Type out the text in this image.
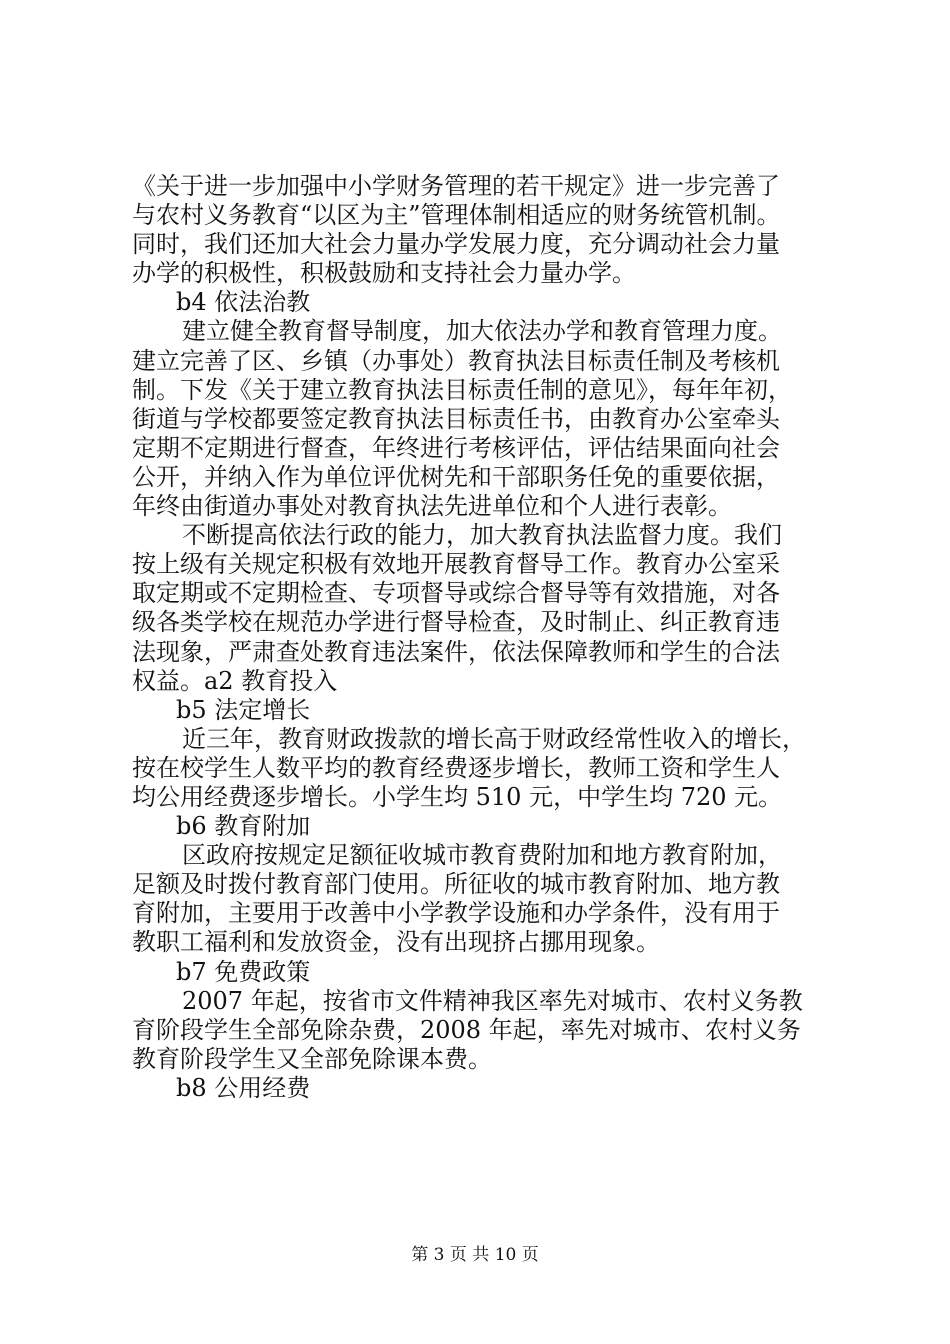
《关于进一步加强中小学财务管理的若干规定》进一步完善了
与农村义务教育“以区为主”管理体制相适应的财务统管机制。
同时，我们还加大社会力量办学发展力度，充分调动社会力量
办学的积极性，积极鼓励和支持社会力量办学。
b4 依法治教
建立健全教育督导制度，加大依法办学和教育管理力度。
建立完善了区、乡镇（办事处）教育执法目标责任制及考核机
制。下发《关于建立教育执法目标责任制的意见》，每年年初，
街道与学校都要签定教育执法目标责任书，由教育办公室牵头
定期不定期进行督查，年终进行考核评估，评估结果面向社会
公开，并纳入作为单位评优树先和干部职务任免的重要依据，
年终由街道办事处对教育执法先进单位和个人进行表彰。
不断提高依法行政的能力，加大教育执法监督力度。我们
按上级有关规定积极有效地开展教育督导工作。教育办公室采
取定期或不定期检查、专项督导或综合督导等有效措施，对各
级各类学校在规范办学进行督导检查，及时制止、纠正教育违
法现象，严肃查处教育违法案件，依法保障教师和学生的合法
权益。a2 教育投入
b5 法定增长
近三年，教育财政拨款的增长高于财政经常性收入的增长，
按在校学生人数平均的教育经费逐步增长，教师工资和学生人
均公用经费逐步增长。小学生均 510 元，中学生均 720 元。
b6 教育附加
区政府按规定足额征收城市教育费附加和地方教育附加，
足额及时拨付教育部门使用。所征收的城市教育附加、地方教
育附加，主要用于改善中小学教学设施和办学条件，没有用于
教职工福利和发放资金，没有出现挤占挪用现象。
b7 免费政策
2007 年起，按省市文件精神我区率先对城市、农村义务教
育阶段学生全部免除杂费，2008 年起，率先对城市、农村义务
教育阶段学生又全部免除课本费。
b8 公用经费
第 3 页 共 10 页
